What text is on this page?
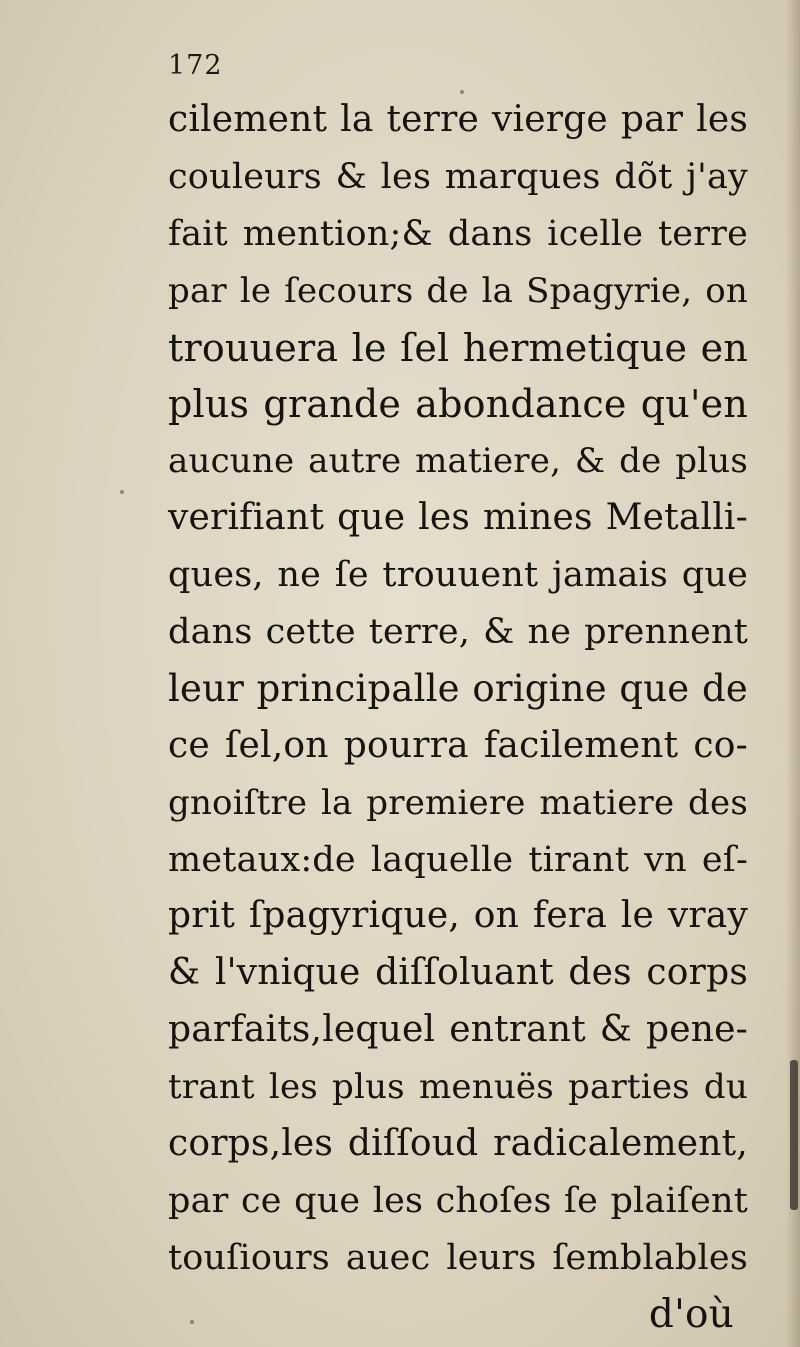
172
cilement la terre vierge par les
couleurs & les marques dõt j'ay
fait mention;& dans icelle terre
par le ſecours de la Spagyrie, on
trouuera le ſel hermetique en
plus grande abondance qu'en
aucune autre matiere, & de plus
verifiant que les mines Metalli-
ques, ne ſe trouuent jamais que
dans cette terre, & ne prennent
leur principalle origine que de
ce ſel,on pourra facilement co-
gnoiſtre la premiere matiere des
metaux:de laquelle tirant vn eſ-
prit ſpagyrique, on fera le vray
& l'vnique diſſoluant des corps
parfaits,lequel entrant & pene-
trant les plus menuës parties du
corps,les diſſoud radicalement,
par ce que les choſes ſe plaiſent
touſiours auec leurs ſemblables
d'où
